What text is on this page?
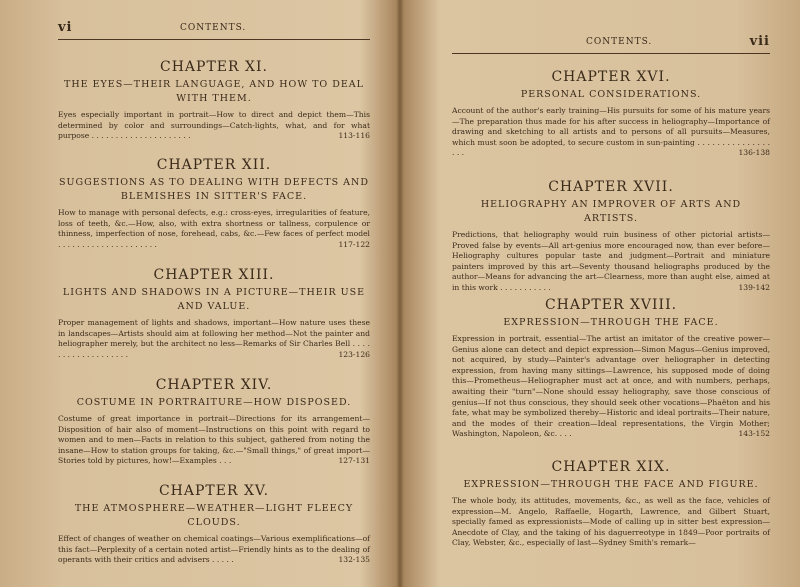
vi	CONTENTS.
CHAPTER XI.
THE EYES—THEIR LANGUAGE, AND HOW TO DEAL WITH THEM.

Eyes especially important in portrait—How to direct and depict them—This determined by color and surroundings—Catch-lights, what, and for what purpose . . . . . . . . . . . . . . . . . . . . .	113-116
CHAPTER XII.
SUGGESTIONS AS TO DEALING WITH DEFECTS AND BLEMISHES IN SITTER'S FACE.

How to manage with personal defects, e.g.: cross-eyes, irregularities of feature, loss of teeth, &c.—How, also, with extra shortness or tallness, corpulence or thinness, imperfection of nose, forehead, cabs, &c.—Few faces of perfect model . . . . . . . . . . . . . . . . . . . . .	117-122
CHAPTER XIII.
LIGHTS AND SHADOWS IN A PICTURE—THEIR USE AND VALUE.

Proper management of lights and shadows, important—How nature uses these in landscapes—Artists should aim at following her method—Not the painter and heliographer merely, but the architect no less—Remarks of Sir Charles Bell . . . . . . . . . . . . . . . . . . .	123-126
CHAPTER XIV.
COSTUME IN PORTRAITURE—HOW DISPOSED.

Costume of great importance in portrait—Directions for its arrangement—Disposition of hair also of moment—Instructions on this point with regard to women and to men—Facts in relation to this subject, gathered from noting the insane—How to station groups for taking, &c.—"Small things," of great import—Stories told by pictures, how!—Examples . . .	127-131
CHAPTER XV.
THE ATMOSPHERE—WEATHER—LIGHT FLEECY CLOUDS.

Effect of changes of weather on chemical coatings—Various exemplifications—of this fact—Perplexity of a certain noted artist—Friendly hints as to the dealing of operants with their critics and advisers . . . . .	132-135
CONTENTS.	vii
CHAPTER XVI.
PERSONAL CONSIDERATIONS.

Account of the author's early training—His pursuits for some of his mature years—The preparation thus made for his after success in heliography—Importance of drawing and sketching to all artists and to persons of all pursuits—Measures, which must soon be adopted, to secure custom in sun-painting . . . . . . . . . . . . . . . . . .	136-138
CHAPTER XVII.
HELIOGRAPHY AN IMPROVER OF ARTS AND ARTISTS.

Predictions, that heliography would ruin business of other pictorial artists—Proved false by events—All art-genius more encouraged now, than ever before—Heliography cultures popular taste and judgment—Portrait and miniature painters improved by this art—Seventy thousand heliographs produced by the author—Means for advancing the art—Clearness, more than aught else, aimed at in this work . . . . . . . . . . .	139-142
CHAPTER XVIII.
EXPRESSION—THROUGH THE FACE.

Expression in portrait, essential—The artist an imitator of the creative power—Genius alone can detect and depict expression—Simon Magus—Genius improved, not acquired, by study—Painter's advantage over heliographer in detecting expression, from having many sittings—Lawrence, his supposed mode of doing this—Prometheus—Heliographer must act at once, and with numbers, perhaps, awaiting their "turn"—None should essay heliography, save those conscious of genius—If not thus conscious, they should seek other vocations—Phaëton and his fate, what may be symbolized thereby—Historic and ideal portraits—Their nature, and the modes of their creation—Ideal representations, the Virgin Mother; Washington, Napoleon, &c. . . .	143-152
CHAPTER XIX.
EXPRESSION—THROUGH THE FACE AND FIGURE.

The whole body, its attitudes, movements, &c., as well as the face, vehicles of expression—M. Angelo, Raffaelle, Hogarth, Lawrence, and Gilbert Stuart, specially famed as expressionists—Mode of calling up in sitter best expression—Anecdote of Clay, and the taking of his daguerreotype in 1849—Poor portraits of Clay, Webster, &c., especially of last—Sydney Smith's remark—
